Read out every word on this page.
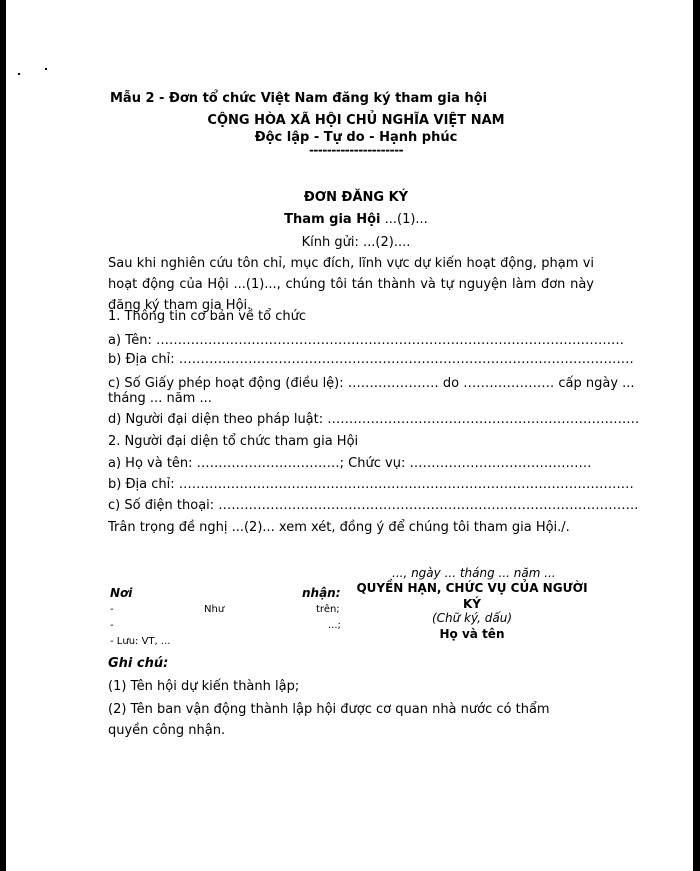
Mẫu 2 - Đơn tổ chức Việt Nam đăng ký tham gia hội
CỘNG HÒA XÃ HỘI CHỦ NGHĨA VIỆT NAM
Độc lập - Tự do - Hạnh phúc
---------------------
ĐƠN ĐĂNG KÝ
Tham gia Hội ...(1)...
Kính gửi: ...(2)....
Sau khi nghiên cứu tôn chỉ, mục đích, lĩnh vực dự kiến hoạt động, phạm vi hoạt động của Hội ...(1)..., chúng tôi tán thành và tự nguyện làm đơn này đăng ký tham gia Hội.
1. Thông tin cơ bản về tổ chức
a) Tên: ………………………………………………………………………………………………
b) Địa chỉ: ……………………………………………………………………………………………
c) Số Giấy phép hoạt động (điều lệ): ………………… do ………………… cấp ngày ...
tháng ... năm ...
d) Người đại diện theo pháp luật: ………………………………………………………………
2. Người đại diện tổ chức tham gia Hội
a) Họ và tên: ……………………………; Chức vụ: ……………………………………
b) Địa chỉ: ……………………………………………………………………………………………
c) Số điện thoại: …………………………………………………………………………………….
Trân trọng đề nghị ...(2)... xem xét, đồng ý để chúng tôi tham gia Hội./.
..., ngày ... tháng ... năm ...
Nơi	nhận:
-	Như	trên;
-	...;
- Lưu: VT, ...
QUYỀN HẠN, CHỨC VỤ CỦA NGƯỜI KÝ
(Chữ ký, dấu)
Họ và tên
Ghi chú:
(1) Tên hội dự kiến thành lập;
(2) Tên ban vận động thành lập hội được cơ quan nhà nước có thẩm quyền công nhận.
